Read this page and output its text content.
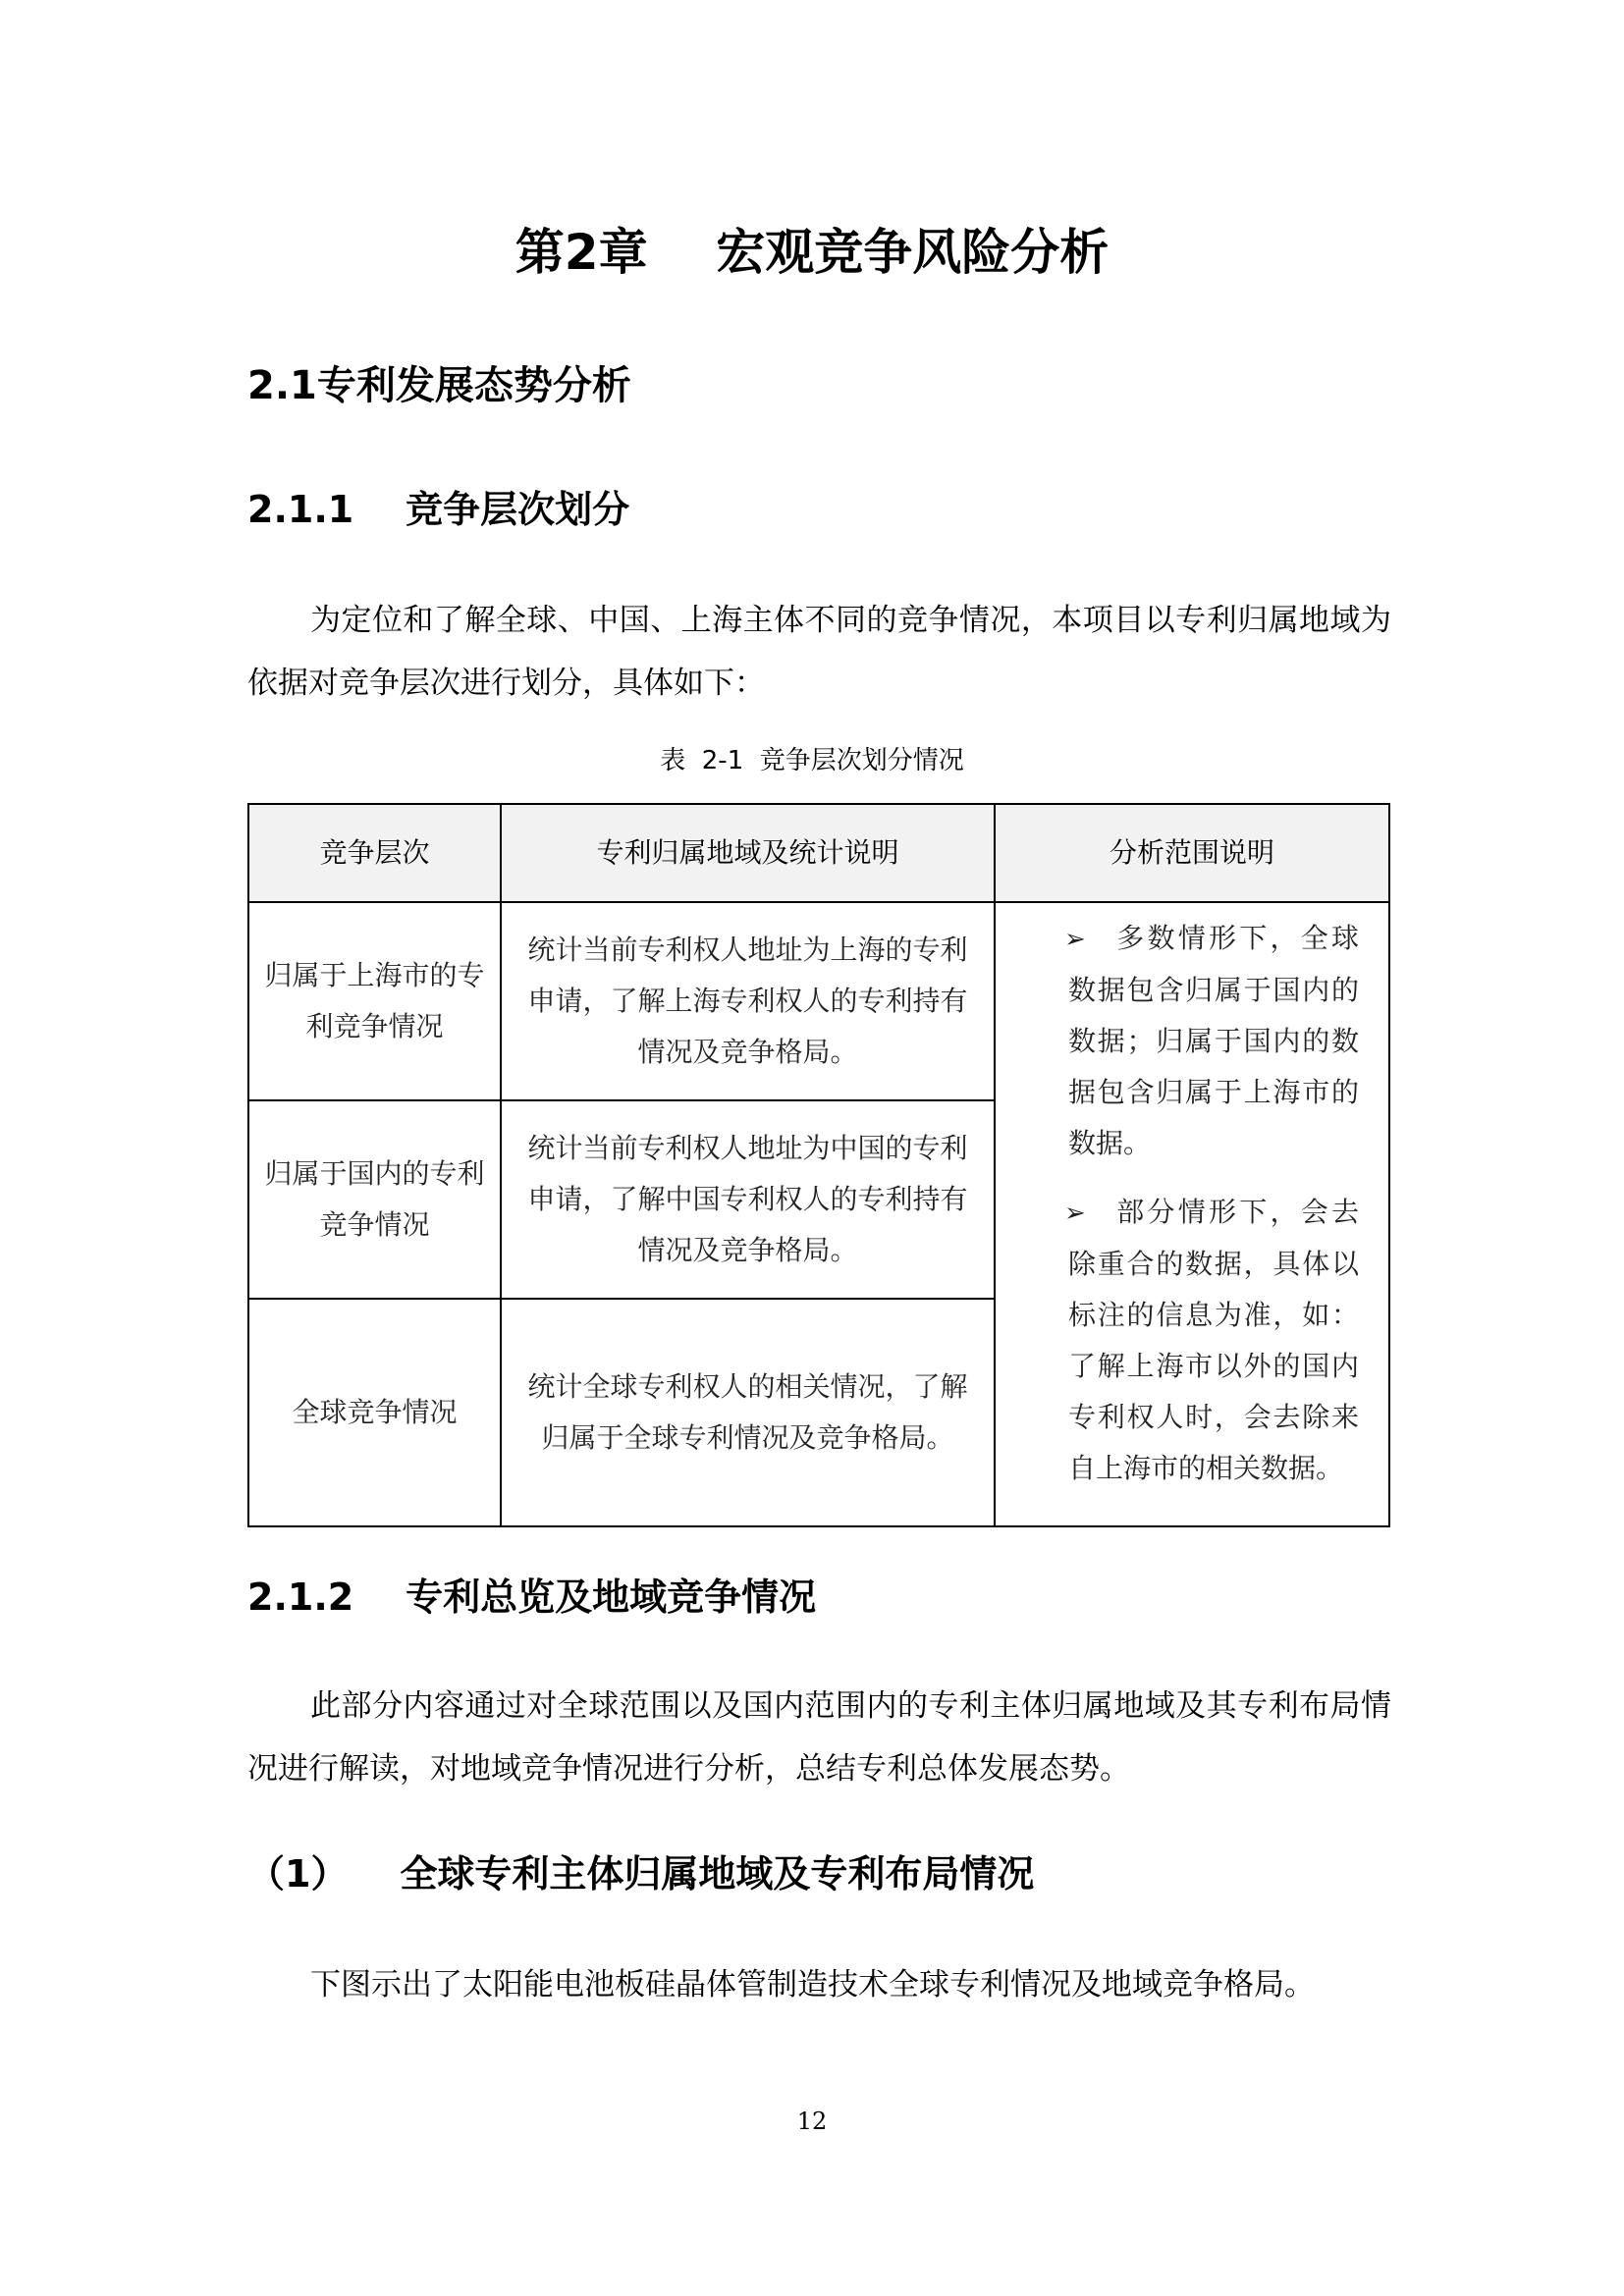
第2章    宏观竞争风险分析
2.1专利发展态势分析
2.1.1    竞争层次划分

为定位和了解全球、中国、上海主体不同的竞争情况，本项目以专利归属地域为依据对竞争层次进行划分，具体如下：

表  2-1  竞争层次划分情况
竞争层次	专利归属地域及统计说明	分析范围说明
归属于上海市的专利竞争情况	统计当前专利权人地址为上海的专利申请，了解上海专利权人的专利持有情况及竞争格局。	➢ 多数情形下，全球数据包含归属于国内的数据；归属于国内的数据包含归属于上海市的数据。
➢ 部分情形下，会去除重合的数据，具体以标注的信息为准，如：了解上海市以外的国内专利权人时，会去除来自上海市的相关数据。

归属于国内的专利竞争情况	统计当前专利权人地址为中国的专利申请，了解中国专利权人的专利持有情况及竞争格局。	
全球竞争情况	统计全球专利权人的相关情况，了解归属于全球专利情况及竞争格局。	
2.1.2    专利总览及地域竞争情况

此部分内容通过对全球范围以及国内范围内的专利主体归属地域及其专利布局情况进行解读，对地域竞争情况进行分析，总结专利总体发展态势。

（1）    全球专利主体归属地域及专利布局情况
下图示出了太阳能电池板硅晶体管制造技术全球专利情况及地域竞争格局。
12
